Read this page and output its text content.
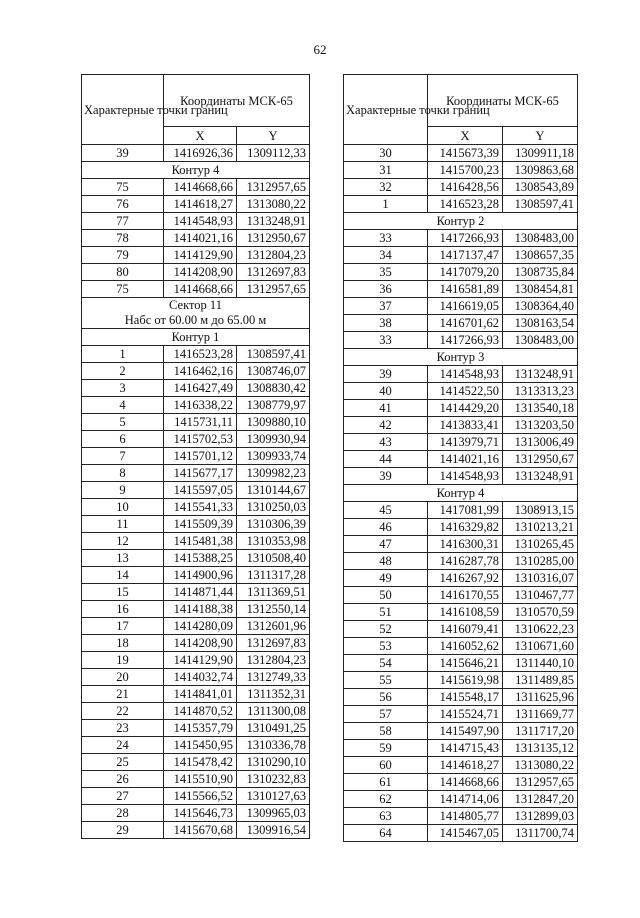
62
Характерные точки границ	Координаты МСК-65	
	X	Y
39	1416926,36	1309112,33
Контур 4		
75	1414668,66	1312957,65
76	1414618,27	1313080,22
77	1414548,93	1313248,91
78	1414021,16	1312950,67
79	1414129,90	1312804,23
80	1414208,90	1312697,83
75	1414668,66	1312957,65

Сектор 11
Набс от 60.00 м до 65.00 м		

Контур 1		
1	1416523,28	1308597,41
2	1416462,16	1308746,07
3	1416427,49	1308830,42
4	1416338,22	1308779,97
5	1415731,11	1309880,10
6	1415702,53	1309930,94
7	1415701,12	1309933,74
8	1415677,17	1309982,23
9	1415597,05	1310144,67
10	1415541,33	1310250,03
11	1415509,39	1310306,39
12	1415481,38	1310353,98
13	1415388,25	1310508,40
14	1414900,96	1311317,28
15	1414871,44	1311369,51
16	1414188,38	1312550,14
17	1414280,09	1312601,96
18	1414208,90	1312697,83
19	1414129,90	1312804,23
20	1414032,74	1312749,33
21	1414841,01	1311352,31
22	1414870,52	1311300,08
23	1415357,79	1310491,25
24	1415450,95	1310336,78
25	1415478,42	1310290,10
26	1415510,90	1310232,83
27	1415566,52	1310127,63
28	1415646,73	1309965,03
29	1415670,68	1309916,54
Характерные точки границ	Координаты МСК-65	
	X	Y
30	1415673,39	1309911,18
31	1415700,23	1309863,68
32	1416428,56	1308543,89
1	1416523,28	1308597,41
Контур 2		
33	1417266,93	1308483,00
34	1417137,47	1308657,35
35	1417079,20	1308735,84
36	1416581,89	1308454,81
37	1416619,05	1308364,40
38	1416701,62	1308163,54
33	1417266,93	1308483,00
Контур 3		
39	1414548,93	1313248,91
40	1414522,50	1313313,23
41	1414429,20	1313540,18
42	1413833,41	1313203,50
43	1413979,71	1313006,49
44	1414021,16	1312950,67
39	1414548,93	1313248,91
Контур 4		
45	1417081,99	1308913,15
46	1416329,82	1310213,21
47	1416300,31	1310265,45
48	1416287,78	1310285,00
49	1416267,92	1310316,07
50	1416170,55	1310467,77
51	1416108,59	1310570,59
52	1416079,41	1310622,23
53	1416052,62	1310671,60
54	1415646,21	1311440,10
55	1415619,98	1311489,85
56	1415548,17	1311625,96
57	1415524,71	1311669,77
58	1415497,90	1311717,20
59	1414715,43	1313135,12
60	1414618,27	1313080,22
61	1414668,66	1312957,65
62	1414714,06	1312847,20
63	1414805,77	1312899,03
64	1415467,05	1311700,74
